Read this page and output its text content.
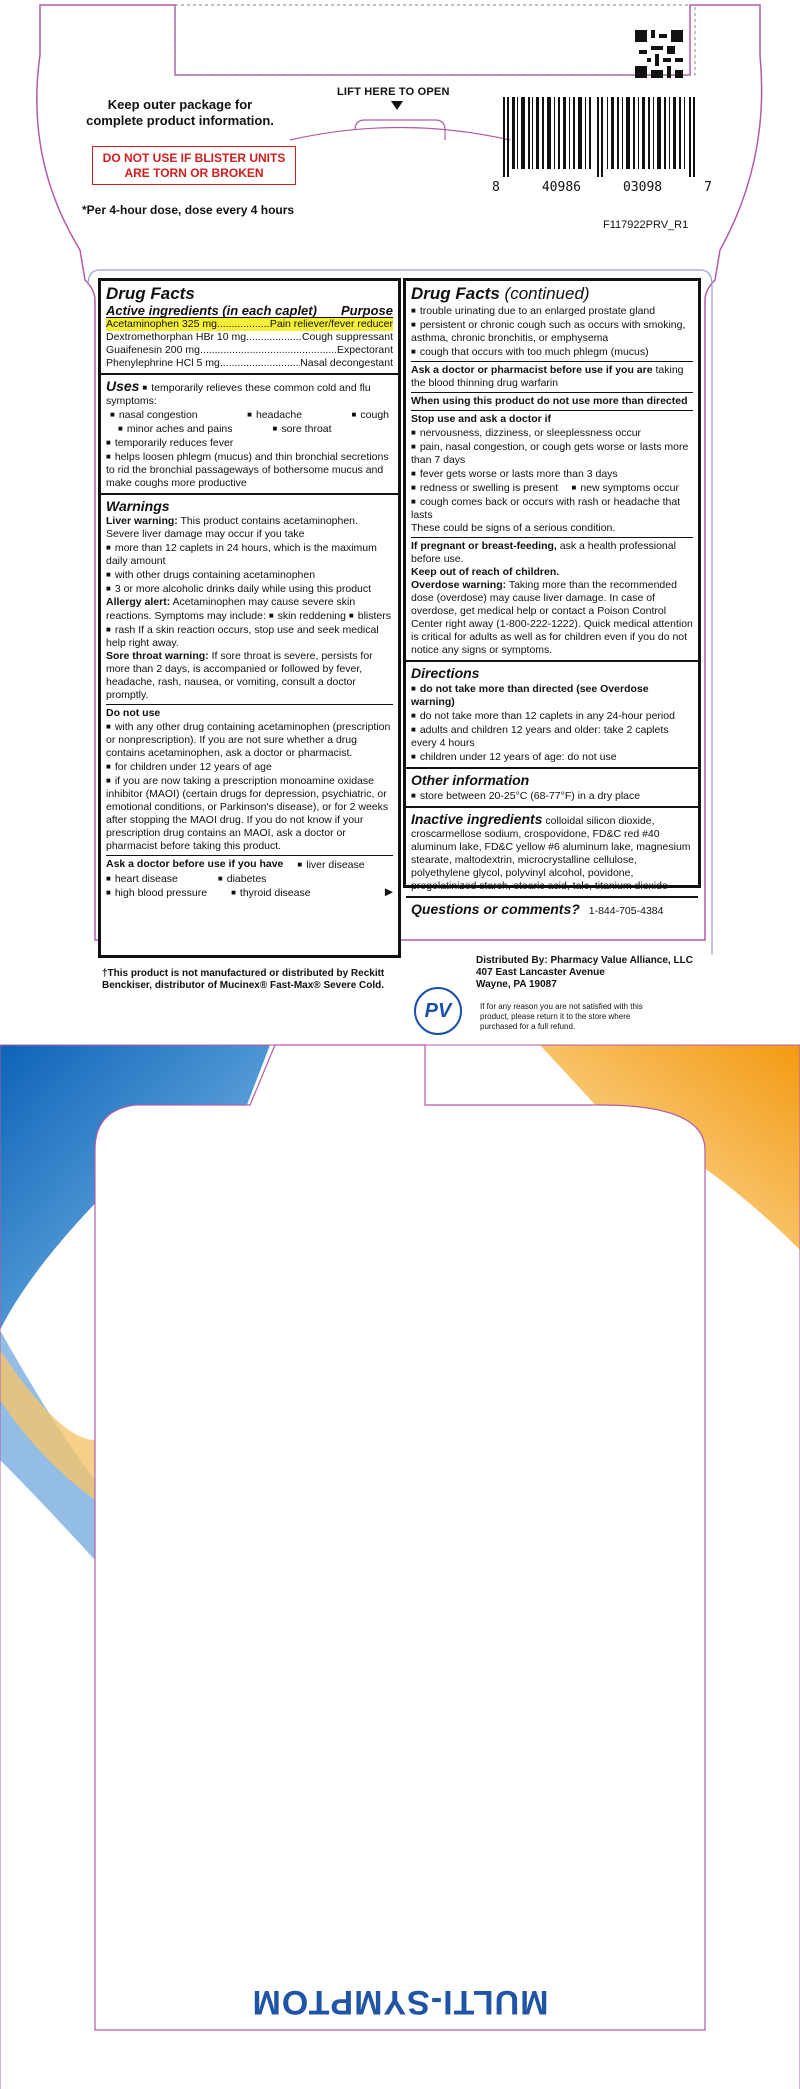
8	40986	03098	7
Keep outer package for complete product information.
DO NOT USE IF BLISTER UNITS ARE TORN OR BROKEN
*Per 4-hour dose, dose every 4 hours
LIFT HERE TO OPEN
F117922PRV_R1
Drug Facts
Active ingredients (in each caplet) Purpose
Acetaminophen 325 mg .....	Pain reliever/fever reducer
Dextromethorphan HBr 10 mg .....	Cough suppressant
Guaifenesin 200 mg .....	Expectorant
Phenylephrine HCl 5 mg .....	Nasal decongestant
Uses ■ temporarily relieves these common cold and flu symptoms:
■ nasal congestion	■ headache	■ cough
■ minor aches and pains	■ sore throat
■ temporarily reduces fever
■ helps loosen phlegm (mucus) and thin bronchial secretions to rid the bronchial passageways of bothersome mucus and make coughs more productive
Warnings
Liver warning: This product contains acetaminophen. Severe liver damage may occur if you take
■ more than 12 caplets in 24 hours, which is the maximum daily amount
■ with other drugs containing acetaminophen
■ 3 or more alcoholic drinks daily while using this product
Allergy alert: Acetaminophen may cause severe skin reactions. Symptoms may include: ■ skin reddening ■ blisters ■ rash If a skin reaction occurs, stop use and seek medical help right away.
Sore throat warning: If sore throat is severe, persists for more than 2 days, is accompanied or followed by fever, headache, rash, nausea, or vomiting, consult a doctor promptly.
Do not use
■ with any other drug containing acetaminophen (prescription or nonprescription). If you are not sure whether a drug contains acetaminophen, ask a doctor or pharmacist.
■ for children under 12 years of age
■ if you are now taking a prescription monoamine oxidase inhibitor (MAOI) (certain drugs for depression, psychiatric, or emotional conditions, or Parkinson's disease), or for 2 weeks after stopping the MAOI drug. If you do not know if your prescription drug contains an MAOI, ask a doctor or pharmacist before taking this product.
Ask a doctor before use if you have	■ liver disease
■ heart disease	■ diabetes
■ high blood pressure	■ thyroid disease	▶
Drug Facts (continued)
■ trouble urinating due to an enlarged prostate gland
■ persistent or chronic cough such as occurs with smoking, asthma, chronic bronchitis, or emphysema
■ cough that occurs with too much phlegm (mucus)
Ask a doctor or pharmacist before use if you are taking the blood thinning drug warfarin
When using this product do not use more than directed
Stop use and ask a doctor if
■ nervousness, dizziness, or sleeplessness occur
■ pain, nasal congestion, or cough gets worse or lasts more than 7 days
■ fever gets worse or lasts more than 3 days
■ redness or swelling is present	■ new symptoms occur
■ cough comes back or occurs with rash or headache that lasts
These could be signs of a serious condition.
If pregnant or breast-feeding, ask a health professional before use.
Keep out of reach of children.
Overdose warning: Taking more than the recommended dose (overdose) may cause liver damage. In case of overdose, get medical help or contact a Poison Control Center right away (1-800-222-1222). Quick medical attention is critical for adults as well as for children even if you do not notice any signs or symptoms.
Directions
■ do not take more than directed (see Overdose warning)
■ do not take more than 12 caplets in any 24-hour period
■ adults and children 12 years and older: take 2 caplets every 4 hours
■ children under 12 years of age: do not use
Other information
■ store between 20-25°C (68-77°F) in a dry place
Inactive ingredients colloidal silicon dioxide, croscarmellose sodium, crospovidone, FD&C red #40 aluminum lake, FD&C yellow #6 aluminum lake, magnesium stearate, maltodextrin, microcrystalline cellulose, polyethylene glycol, polyvinyl alcohol, povidone, pregelatinized starch, stearic acid, talc, titanium dioxide
Questions or comments? 1-844-705-4384
†This product is not manufactured or distributed by Reckitt Benckiser, distributor of Mucinex® Fast-Max® Severe Cold.
Distributed By: Pharmacy Value Alliance, LLC
407 East Lancaster Avenue
Wayne, PA 19087
PV	If for any reason you are not satisfied with this product, please return it to the store where purchased for a full refund.
MULTI-SYMPTOM
